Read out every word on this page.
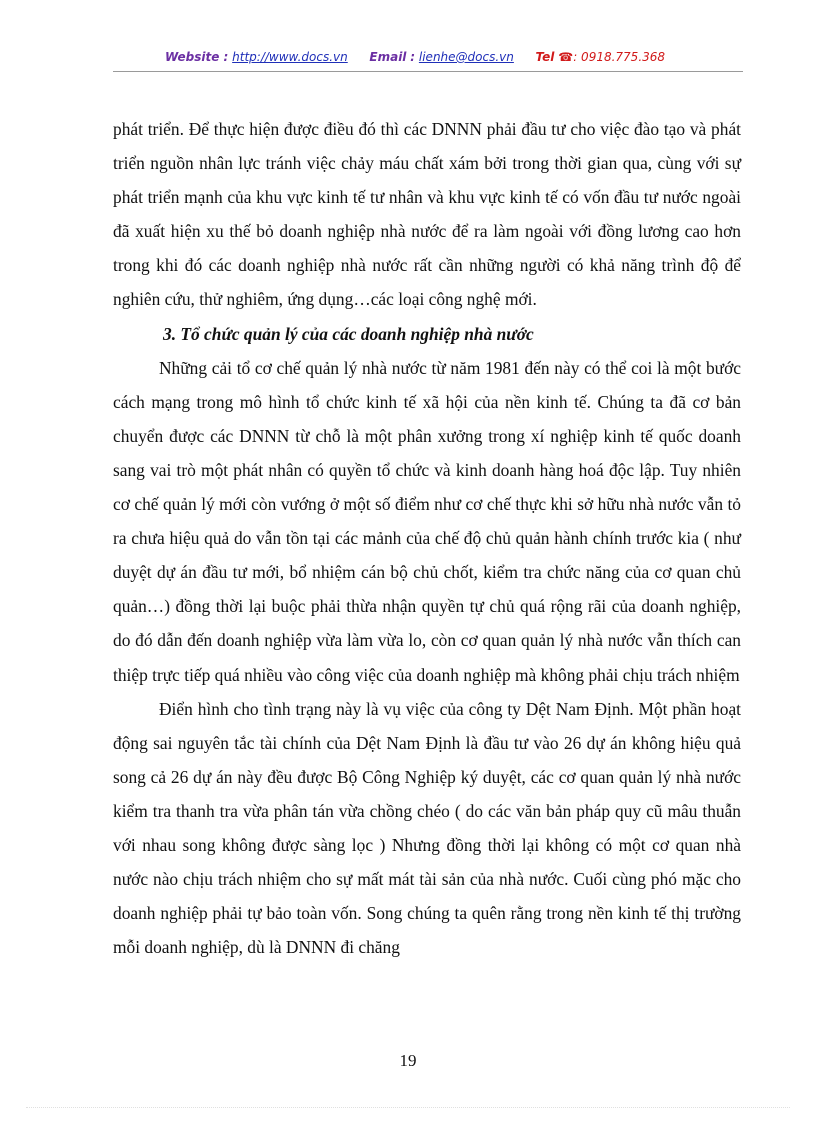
Website : http://www.docs.vn Email : lienhe@docs.vn Tel ☎: 0918.775.368

phát triển. Để thực hiện được điều đó thì các DNNN phải đầu tư cho việc đào tạo và phát triển nguồn nhân lực tránh việc chảy máu chất xám bởi trong thời gian qua, cùng với sự phát triển mạnh của khu vực kinh tế tư nhân và khu vực kinh tế có vốn đầu tư nước ngoài đã xuất hiện xu thế bỏ doanh nghiệp nhà nước để ra làm ngoài với đồng lương cao hơn trong khi đó các doanh nghiệp nhà nước rất cần những người có khả năng trình độ để nghiên cứu, thử nghiêm, ứng dụng…các loại công nghệ mới.

3. Tổ chức quản lý của các doanh nghiệp nhà nước

Những cải tổ cơ chế quản lý nhà nước từ năm 1981 đến này có thể coi là một bước cách mạng trong mô hình tổ chức kinh tế xã hội của nền kinh tế. Chúng ta đã cơ bản chuyển được các DNNN từ chỗ là một phân xưởng trong xí nghiệp kinh tế quốc doanh sang vai trò một phát nhân có quyền tổ chức và kinh doanh hàng hoá độc lập. Tuy nhiên cơ chế quản lý mới còn vướng ở một số điểm như cơ chế thực khi sở hữu nhà nước vẫn tỏ ra chưa hiệu quả do vẫn tồn tại các mảnh của chế độ chủ quản hành chính trước kia ( như duyệt dự án đầu tư mới, bổ nhiệm cán bộ chủ chốt, kiểm tra chức năng của cơ quan chủ quản…) đồng thời lại buộc phải thừa nhận quyền tự chủ quá rộng rãi của doanh nghiệp, do đó dẫn đến doanh nghiệp vừa làm vừa lo, còn cơ quan quản lý nhà nước vẫn thích can thiệp trực tiếp quá nhiều vào công việc của doanh nghiệp mà không phải chịu trách nhiệm

Điển hình cho tình trạng này là vụ việc của công ty Dệt Nam Định. Một phần hoạt động sai nguyên tắc tài chính của Dệt Nam Định là đầu tư vào 26 dự án không hiệu quả song cả 26 dự án này đều được Bộ Công Nghiệp ký duyệt, các cơ quan quản lý nhà nước kiểm tra thanh tra vừa phân tán vừa chồng chéo ( do các văn bản pháp quy cũ mâu thuẫn với nhau song không được sàng lọc ) Nhưng đồng thời lại không có một cơ quan nhà nước nào chịu trách nhiệm cho sự mất mát tài sản của nhà nước. Cuối cùng phó mặc cho doanh nghiệp phải tự bảo toàn vốn. Song chúng ta quên rằng trong nền kinh tế thị trường mỗi doanh nghiệp, dù là DNNN đi chăng

19
